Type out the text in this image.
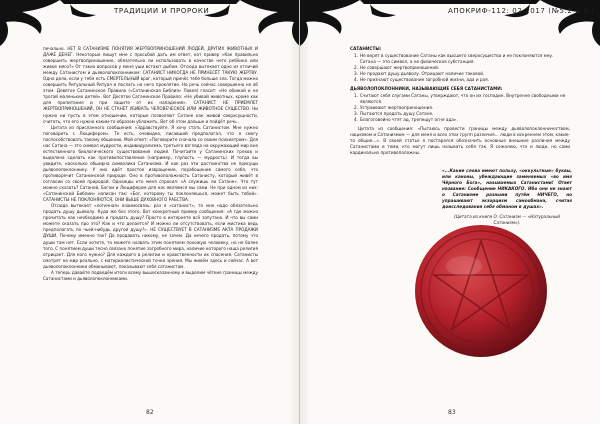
ТРАДИЦИИ И ПРОРОКИ

печально. НЕТ В САТАНИЗМЕ ПОНЯТИЯ ЖЕРТВОПРИНОШЕНИЙ ЛЮДЕЙ, ДРУГИХ ЖИВОТНЫХ И ДАЖЕ ДЕНЕГ. Некоторые пишут мне с просьбой дать им ответ, кот привер «Как правильно совершить жертвоприношение, обязательно ли использовать в качестве него ребёнка или живое мясо?» От таких вопросов у меня уши встают дыбом. Отсюда вытекает одно из отличий между Сатанистом и дьяволопоклонником: САТАНИСТ НИКОГДА НЕ ПРИНЕСЁТ ТАКУЮ ЖЕРТВУ. Одно дело, если у тебя есть СМЕРТЕЛЬНЫЙ враг, который принёс тебе больше зла. Тогда можно совершить Ритуальный Ритуал и послать на него проклятие. Но речь сейчас совершенно не об этом. Девятое Сатанинское Правило («Сатанинская Библия» Лавея) гласит: «Не обижай и не трогай маленьких детей». Вот Десятое Сатанинское Правило: «Не убивай животных, кроме как для пропитания и при защите от их нападения». САТАНИСТ НЕ ПРИЕМЛЕТ ЖЕРТВОПРИНОШЕНИЙ, ОН НЕ СТАНЕТ УБИВАТЬ ЧЕЛОВЕЧЕСКОЕ ИЛИ ЖИВОТНОЕ СУЩЕСТВО. Ни нужно ни пусть в этом отношении, которые позволяют Сатане как живой сверхсущности, считать, что его нужно каким-то образом ублажить. Вот об этом дальше и пойдёт речь.

Цитата из присланного сообщения: «Здравствуйте. Я хочу стать Сатанистом. Мне нужно поговорить с Люцифером». Те есть, очевидно, писавший предполагал, что я смогу поспособствовать такому общению. Мой ответ: «Поговорите сначала со своим психиатром». Для нас Сатана — это символ мудрости, индивидуализма, третьего взгляда на окружающий мир вне естественного биологического существования людей. Почитайте у Сатанинских грехов и выделена сделать как противопоставление (например, глупость — мудрость). И тогда вы увидите, насколько обширна символика Сатанизма. И как раз эти достоинства не присущи дьяволопоклоннику. У них идёт простое извращение, порабощение самого себя, что противоречит Сатанинской природе. Оно в противоположность Сатанисту, который живёт в согласии со своей природой. Однажды кто меня спросил: «А служишь ли Сатане». Что тут можно сказать? Сатаной, Богом и Люцифером для нас являемся мы сами. Не при одном из них: «Сатанинской Библии» написан так: «Бог, которому ты поклоняешься, может быть тобой». САТАНИСТЫ НЕ ПОКЛОНЯЮТСЯ, ОНИ ВЫШЕ ДУХОВНОГО РАБСТВА.

Отсюда вытекает «логичная» взаимосвязь: раз я «сатанист», то мне надо обязательно продать душу дьяволу. Куда же без этого. Вот конкретный пример сообщения: «А где можно прочитать как необходимо и продать душу? Просто в интернете всё запутано. И что вы сами можете сказать про это? Как и что делается? И можно ли отсутствовать, если мистика ведь предполагать по чьей-нибудь другой душу?». НЕ СУЩЕСТВУЕТ В САТАНИЗМЕ АКТА ПРОДАЖИ ДУШИ. Почему именно так? Да продавать никому, не зачем. Да нечего продать, потому что души там нет. Если хотите, то можете назвать этим понятием похожую человеку, но не более того. С понятием души тесно связано понятие загробного мира, наличие которого наша религия отрицает. Для кого нужно? Для каждого в религии и нравственности их спасения. Сатанисты смотрят на мир реально, с материалистической точки зрения. Мы живём здесь и сейчас. А вот дьяволопоклонники обманывают, показывают себя сатанистам.

А теперь давайте подведём итоги всему вышесказанному и выделим чёткие границы между Сатанистами и дьяволопоклонниками.

82
АПОКРИФ-112: 02.2017 (№5.2 и.п.)
САТАНИСТЫ:
1. Не верят в существование Сатаны как высшего сверхсущества и не поклоняются ему. Сатана — это символ, а не физическая субстанция.
2. Не совершают жертвоприношений.
3. Не продают душу дьяволу. Отрицают наличие таковой.
4. Не признают существование загробной жизни, ада и рая.
ДЬЯВОЛОПОКЛОННИКИ, НАЗЫВАЮЩИЕ СЕБЯ САТАНИСТАМИ:
1. Считают себя слугами Сатаны, утверждают, что он их господин. Внутренне свободными не являются.
2. Устраивают жертвоприношения.
3. Пытаются продать душу Сатане.
4. Благоговейно чтят ад, трепещут огня ада».

Цитата из сообщения: «Пытаюсь провести границы между дьяволопоклонничеством, нацизмом и Сатанизмом — для меня и всех этих групп различия... люди в искреннем этом, какие-то общие...». В своей статье я постарался обозначить основные внешние различия между Сатанистами и теми, кто могут лишь называть себя так. Я сожалею, что и люди, но сами кардинально противоположны.

«...Какие слова имеют пользу, «оккультные» буквы, или каноны, убеждающие заменяемых «во имя Чёрного Бога», называемых Сатанистами! Ответ название: Сообщение НИКАКОГО. Ибо они не знают о Сатанизме разными путём НИЧЕГО, но упрашивают экзорцизм самообмана, считая доисследования себя обманом в душах».

(Цитата из книги О. Сатанизм — «Натуральный Сатанизм»).

83
